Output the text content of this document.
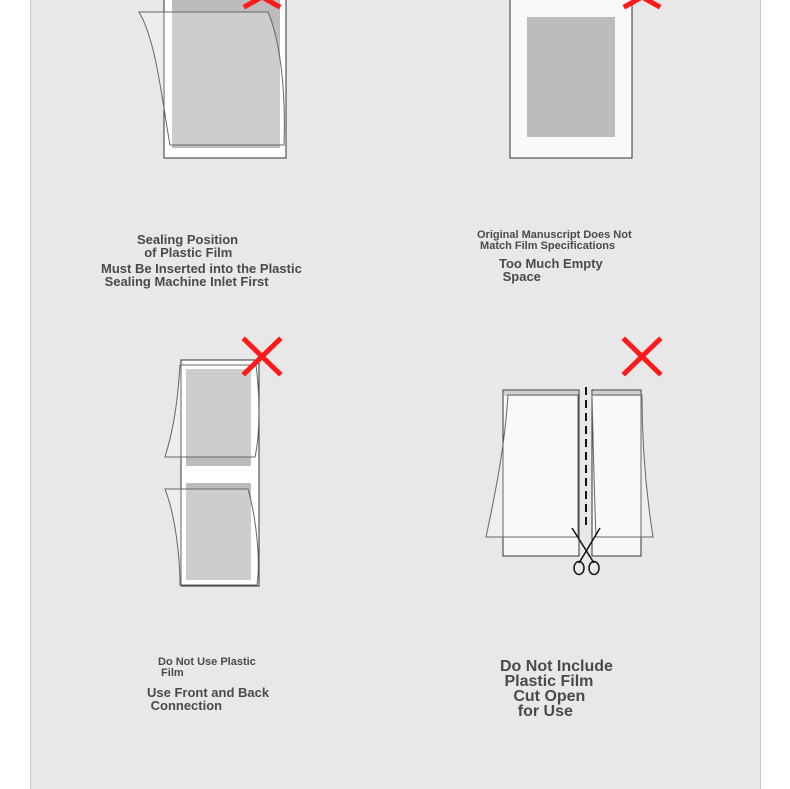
Sealing Position
of Plastic Film

Must Be Inserted into the Plastic
Sealing Machine Inlet First

Original Manuscript Does Not
Match Film Specifications

Too Much Empty
Space

Do Not Use Plastic
Film

Use Front and Back
Connection

Do Not Include
Plastic Film
Cut Open
for Use
